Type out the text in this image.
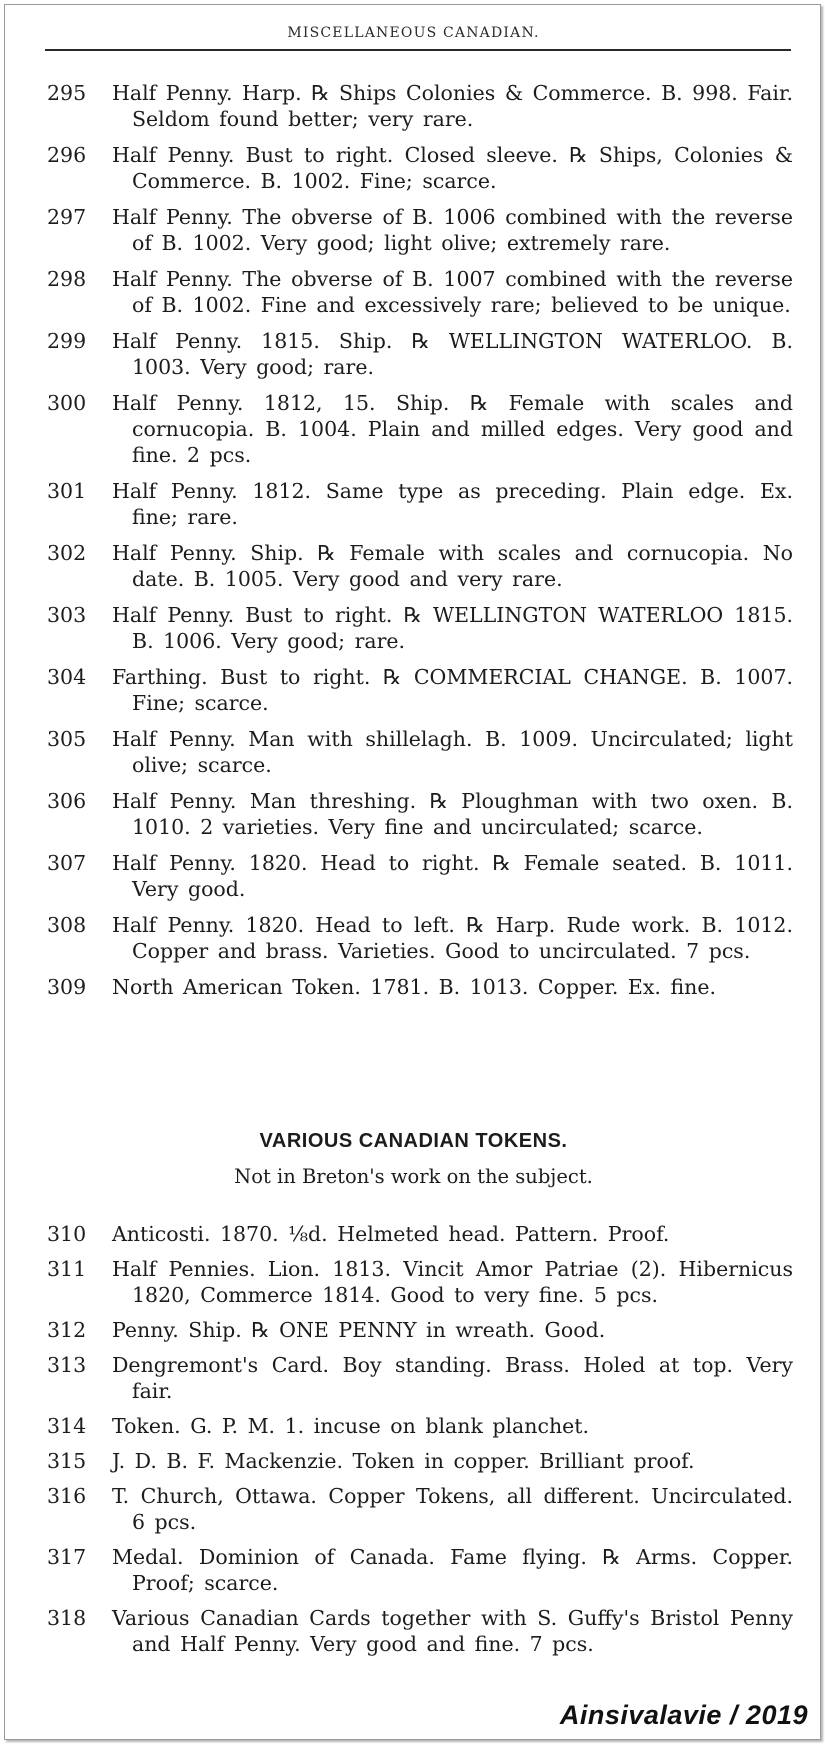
MISCELLANEOUS CANADIAN.
295	Half Penny. Harp. ℞ Ships Colonies & Commerce. B. 998. Fair. Seldom found better; very rare.
296	Half Penny. Bust to right. Closed sleeve. ℞ Ships, Colonies & Commerce. B. 1002. Fine; scarce.
297	Half Penny. The obverse of B. 1006 combined with the reverse of B. 1002. Very good; light olive; extremely rare.
298	Half Penny. The obverse of B. 1007 combined with the reverse of B. 1002. Fine and excessively rare; believed to be unique.
299	Half Penny. 1815. Ship. ℞ WELLINGTON WATERLOO. B. 1003. Very good; rare.
300	Half Penny. 1812, 15. Ship. ℞ Female with scales and cornucopia. B. 1004. Plain and milled edges. Very good and fine. 2 pcs.
301	Half Penny. 1812. Same type as preceding. Plain edge. Ex. fine; rare.
302	Half Penny. Ship. ℞ Female with scales and cornucopia. No date. B. 1005. Very good and very rare.
303	Half Penny. Bust to right. ℞ WELLINGTON WATERLOO 1815. B. 1006. Very good; rare.
304	Farthing. Bust to right. ℞ COMMERCIAL CHANGE. B. 1007. Fine; scarce.
305	Half Penny. Man with shillelagh. B. 1009. Uncirculated; light olive; scarce.
306	Half Penny. Man threshing. ℞ Ploughman with two oxen. B. 1010. 2 varieties. Very fine and uncirculated; scarce.
307	Half Penny. 1820. Head to right. ℞ Female seated. B. 1011. Very good.
308	Half Penny. 1820. Head to left. ℞ Harp. Rude work. B. 1012. Copper and brass. Varieties. Good to uncirculated. 7 pcs.
309	North American Token. 1781. B. 1013. Copper. Ex. fine.
VARIOUS CANADIAN TOKENS.
Not in Breton's work on the subject.
310	Anticosti. 1870. ⅛d. Helmeted head. Pattern. Proof.
311	Half Pennies. Lion. 1813. Vincit Amor Patriae (2). Hibernicus 1820, Commerce 1814. Good to very fine. 5 pcs.
312	Penny. Ship. ℞ ONE PENNY in wreath. Good.
313	Dengremont's Card. Boy standing. Brass. Holed at top. Very fair.
314	Token. G. P. M. 1. incuse on blank planchet.
315	J. D. B. F. Mackenzie. Token in copper. Brilliant proof.
316	T. Church, Ottawa. Copper Tokens, all different. Uncirculated. 6 pcs.
317	Medal. Dominion of Canada. Fame flying. ℞ Arms. Copper. Proof; scarce.
318	Various Canadian Cards together with S. Guffy's Bristol Penny and Half Penny. Very good and fine. 7 pcs.
Ainsivalavie / 2019
